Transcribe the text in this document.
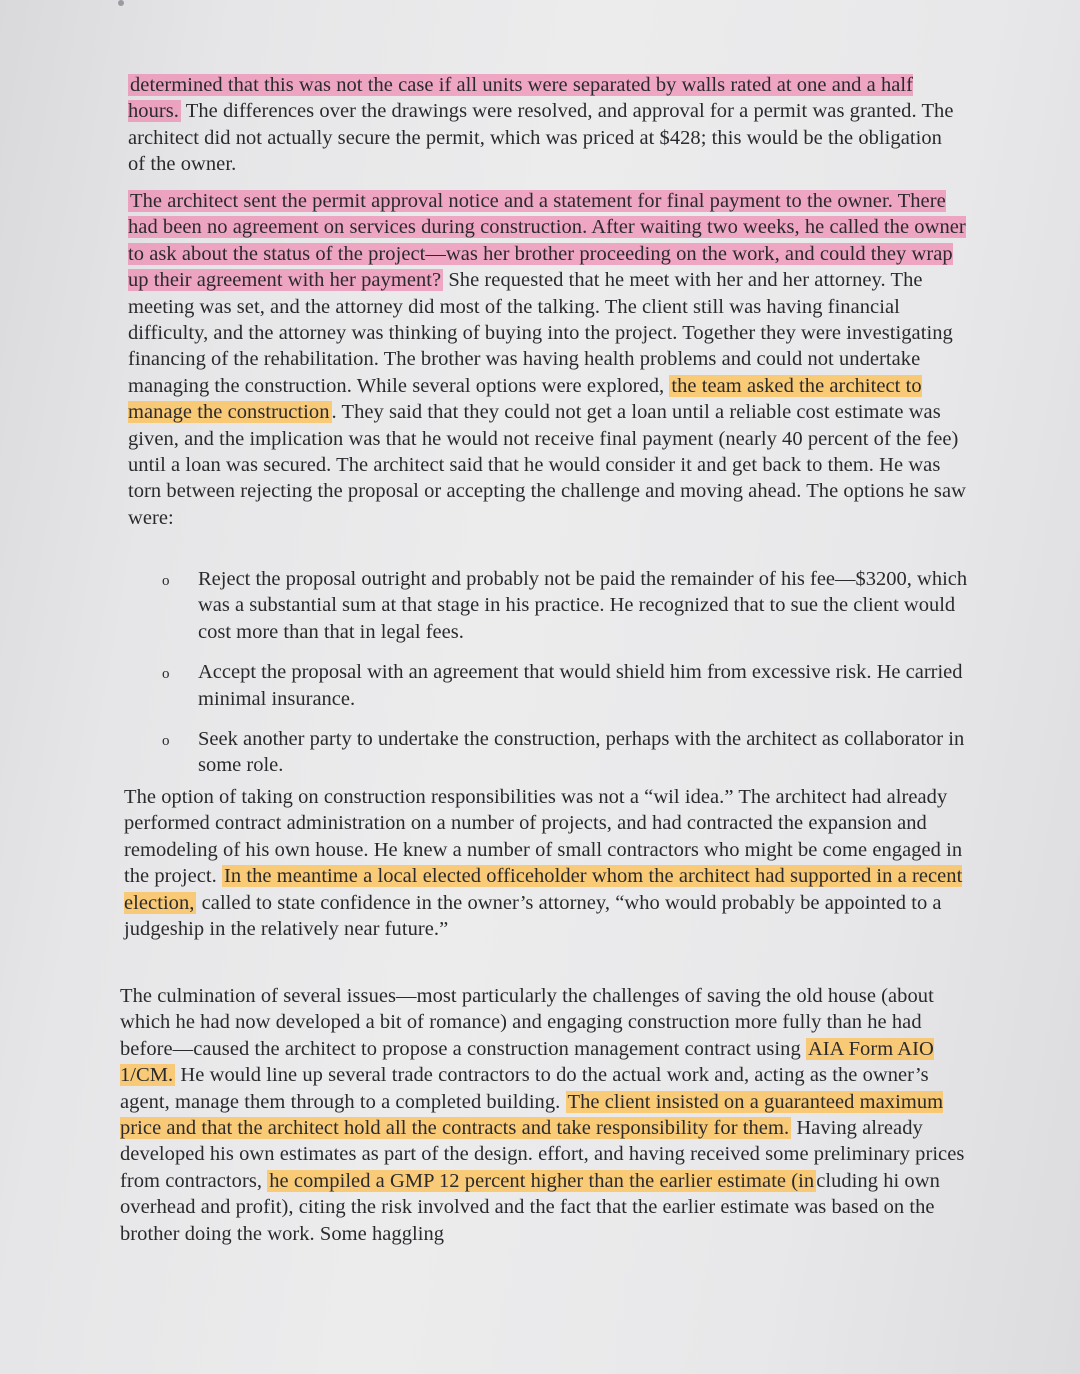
determined that this was not the case if all units were separated by walls rated at one and a half hours. The differences over the drawings were resolved, and approval for a permit was granted. The architect did not actually secure the permit, which was priced at $428; this would be the obligation of the owner.

The architect sent the permit approval notice and a statement for final payment to the owner. There had been no agreement on services during construction. After waiting two weeks, he called the owner to ask about the status of the project—was her brother proceeding on the work, and could they wrap up their agreement with her payment? She requested that he meet with her and her attorney. The meeting was set, and the attorney did most of the talking. The client still was having financial difficulty, and the attorney was thinking of buying into the project. Together they were investigating financing of the rehabilitation. The brother was having health problems and could not undertake managing the construction. While several options were explored, the team asked the architect to manage the construction. They said that they could not get a loan until a reliable cost estimate was given, and the implication was that he would not receive final payment (nearly 40 percent of the fee) until a loan was secured. The architect said that he would consider it and get back to them. He was torn between rejecting the proposal or accepting the challenge and moving ahead. The options he saw were:

o Reject the proposal outright and probably not be paid the remainder of his fee—$3200, which was a substantial sum at that stage in his practice. He recognized that to sue the client would cost more than that in legal fees.
o Accept the proposal with an agreement that would shield him from excessive risk. He carried minimal insurance.
o Seek another party to undertake the construction, perhaps with the architect as collaborator in some role.

The option of taking on construction responsibilities was not a “wil idea.” The architect had already performed contract administration on a number of projects, and had contracted the expansion and remodeling of his own house. He knew a number of small contractors who might be come engaged in the project. In the meantime a local elected officeholder whom the architect had supported in a recent election, called to state confidence in the owner’s attorney, “who would probably be appointed to a judgeship in the relatively near future.”

The culmination of several issues—most particularly the challenges of saving the old house (about which he had now developed a bit of romance) and engaging construction more fully than he had before—caused the architect to propose a construction management contract using AIA Form AIO 1/CM. He would line up several trade contractors to do the actual work and, acting as the owner’s agent, manage them through to a completed building. The client insisted on a guaranteed maximum price and that the architect hold all the contracts and take responsibility for them. Having already developed his own estimates as part of the design. effort, and having received some preliminary prices from contractors, he compiled a GMP 12 percent higher than the earlier estimate (including hi own overhead and profit), citing the risk involved and the fact that the earlier estimate was based on the brother doing the work. Some haggling
